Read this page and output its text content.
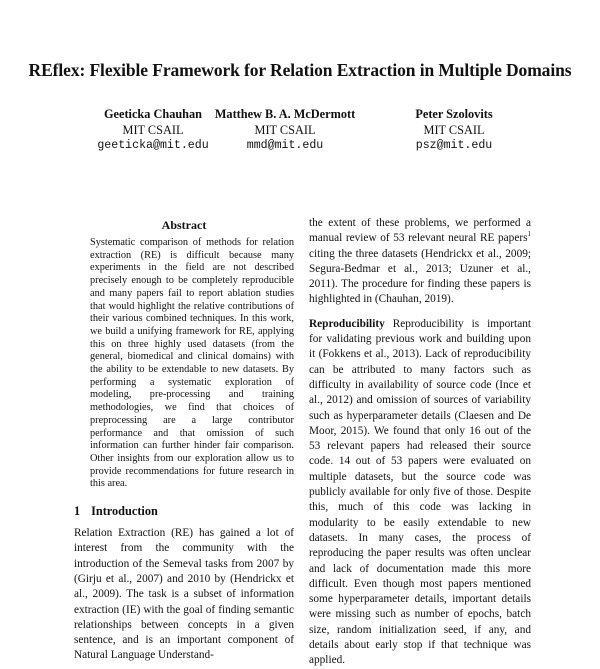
REflex: Flexible Framework for Relation Extraction in Multiple Domains
Geeticka Chauhan
MIT CSAIL
geeticka@mit.edu
Matthew B. A. McDermott
MIT CSAIL
mmd@mit.edu
Peter Szolovits
MIT CSAIL
psz@mit.edu
Abstract
Systematic comparison of methods for relation extraction (RE) is difficult because many experiments in the field are not described precisely enough to be completely reproducible and many papers fail to report ablation studies that would highlight the relative contributions of their various combined techniques. In this work, we build a unifying framework for RE, applying this on three highly used datasets (from the general, biomedical and clinical domains) with the ability to be extendable to new datasets. By performing a systematic exploration of modeling, pre-processing and training methodologies, we find that choices of preprocessing are a large contributor performance and that omission of such information can further hinder fair comparison. Other insights from our exploration allow us to provide recommendations for future research in this area.
1 Introduction

Relation Extraction (RE) has gained a lot of interest from the community with the introduction of the Semeval tasks from 2007 by (Girju et al., 2007) and 2010 by (Hendrickx et al., 2009). The task is a subset of information extraction (IE) with the goal of finding semantic relationships between concepts in a given sentence, and is an important component of Natural Language Understand-

the extent of these problems, we performed a manual review of 53 relevant neural RE papers$^1$ citing the three datasets (Hendrickx et al., 2009; Segura-Bedmar et al., 2013; Uzuner et al., 2011). The procedure for finding these papers is highlighted in (Chauhan, 2019).

Reproducibility Reproducibility is important for validating previous work and building upon it (Fokkens et al., 2013). Lack of reproducibility can be attributed to many factors such as difficulty in availability of source code (Ince et al., 2012) and omission of sources of variability such as hyperparameter details (Claesen and De Moor, 2015). We found that only 16 out of the 53 relevant papers had released their source code. 14 out of 53 papers were evaluated on multiple datasets, but the source code was publicly available for only five of those. Despite this, much of this code was lacking in modularity to be easily extendable to new datasets. In many cases, the process of reproducing the paper results was often unclear and lack of documentation made this more difficult. Even though most papers mentioned some hyperparameter details, important details were missing such as number of epochs, batch size, random initialization seed, if any, and details about early stop if that technique was applied.
